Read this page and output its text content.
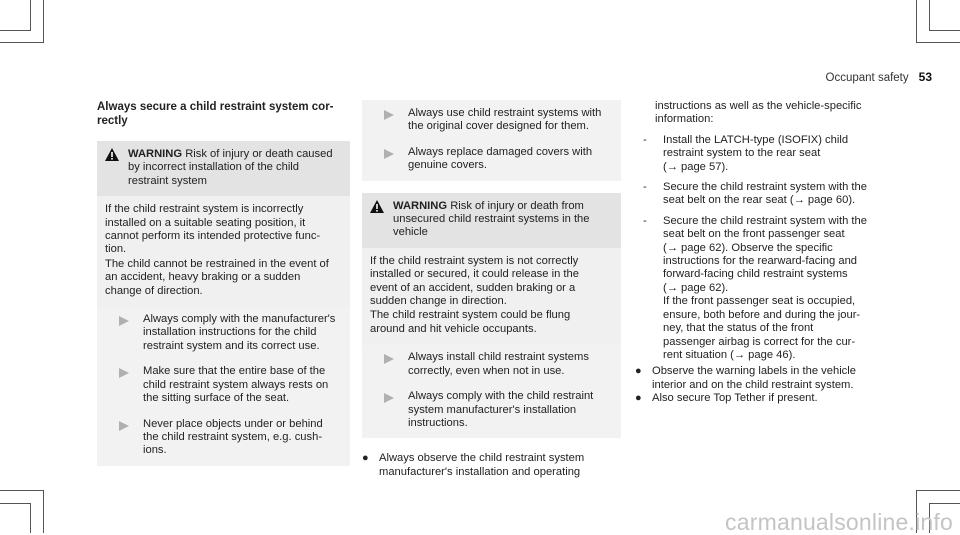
Occupant safety 53
Always secure a child restraint system cor-
rectly
WARNING Risk of injury or death caused
by incorrect installation of the child
restraint system

If the child restraint system is incorrectly
installed on a suitable seating position, it
cannot perform its intended protective func-
tion.

The child cannot be restrained in the event of
an accident, heavy braking or a sudden
change of direction.

Always comply with the manufacturer's
installation instructions for the child
restraint system and its correct use.
Make sure that the entire base of the
child restraint system always rests on
the sitting surface of the seat.
Never place objects under or behind
the child restraint system, e.g. cush-
ions.
Always use child restraint systems with
the original cover designed for them.
Always replace damaged covers with
genuine covers.
WARNING Risk of injury or death from
unsecured child restraint systems in the
vehicle

If the child restraint system is not correctly
installed or secured, it could release in the
event of an accident, sudden braking or a
sudden change in direction.

The child restraint system could be flung
around and hit vehicle occupants.

Always install child restraint systems
correctly, even when not in use.
Always comply with the child restraint
system manufacturer's installation
instructions.
● Always observe the child restraint system
manufacturer's installation and operating

instructions as well as the vehicle-specific
information:

-	Install the LATCH-type (ISOFIX) child
restraint system to the rear seat
(→ page 57).
-	Secure the child restraint system with the
seat belt on the rear seat (→ page 60).
-	Secure the child restraint system with the
seat belt on the front passenger seat
(→ page 62). Observe the specific
instructions for the rearward-facing and
forward-facing child restraint systems
(→ page 62).
If the front passenger seat is occupied,
ensure, both before and during the jour-
ney, that the status of the front
passenger airbag is correct for the cur-
rent situation (→ page 46).
● Observe the warning labels in the vehicle
interior and on the child restraint system.
● Also secure Top Tether if present.
carmanualsonline.info
